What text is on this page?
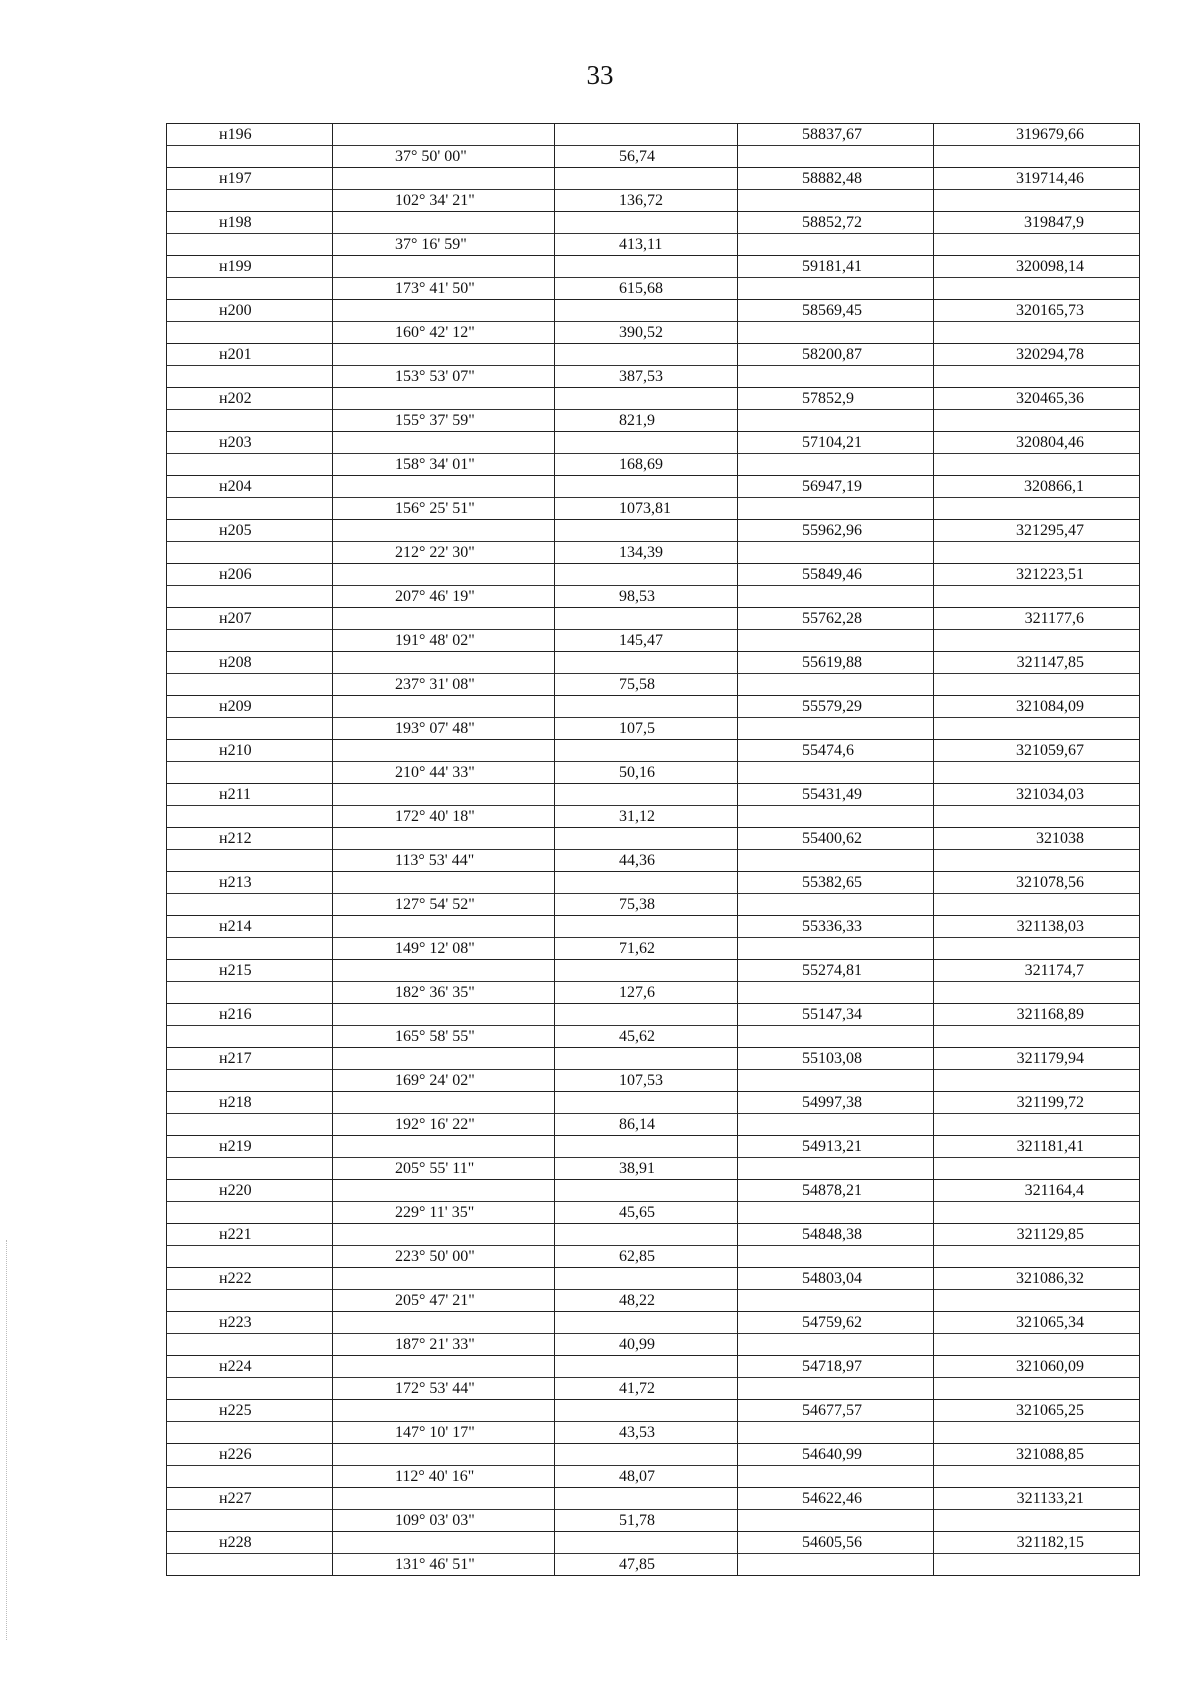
33
н196			58837,67	319679,66
	37° 50' 00"	56,74		
н197			58882,48	319714,46
	102° 34' 21"	136,72		
н198			58852,72	319847,9
	37° 16' 59"	413,11		
н199			59181,41	320098,14
	173° 41' 50"	615,68		
н200			58569,45	320165,73
	160° 42' 12"	390,52		
н201			58200,87	320294,78
	153° 53' 07"	387,53		
н202			57852,9	320465,36
	155° 37' 59"	821,9		
н203			57104,21	320804,46
	158° 34' 01"	168,69		
н204			56947,19	320866,1
	156° 25' 51"	1073,81		
н205			55962,96	321295,47
	212° 22' 30"	134,39		
н206			55849,46	321223,51
	207° 46' 19"	98,53		
н207			55762,28	321177,6
	191° 48' 02"	145,47		
н208			55619,88	321147,85
	237° 31' 08"	75,58		
н209			55579,29	321084,09
	193° 07' 48"	107,5		
н210			55474,6	321059,67
	210° 44' 33"	50,16		
н211			55431,49	321034,03
	172° 40' 18"	31,12		
н212			55400,62	321038
	113° 53' 44"	44,36		
н213			55382,65	321078,56
	127° 54' 52"	75,38		
н214			55336,33	321138,03
	149° 12' 08"	71,62		
н215			55274,81	321174,7
	182° 36' 35"	127,6		
н216			55147,34	321168,89
	165° 58' 55"	45,62		
н217			55103,08	321179,94
	169° 24' 02"	107,53		
н218			54997,38	321199,72
	192° 16' 22"	86,14		
н219			54913,21	321181,41
	205° 55' 11"	38,91		
н220			54878,21	321164,4
	229° 11' 35"	45,65		
н221			54848,38	321129,85
	223° 50' 00"	62,85		
н222			54803,04	321086,32
	205° 47' 21"	48,22		
н223			54759,62	321065,34
	187° 21' 33"	40,99		
н224			54718,97	321060,09
	172° 53' 44"	41,72		
н225			54677,57	321065,25
	147° 10' 17"	43,53		
н226			54640,99	321088,85
	112° 40' 16"	48,07		
н227			54622,46	321133,21
	109° 03' 03"	51,78		
н228			54605,56	321182,15
	131° 46' 51"	47,85		
